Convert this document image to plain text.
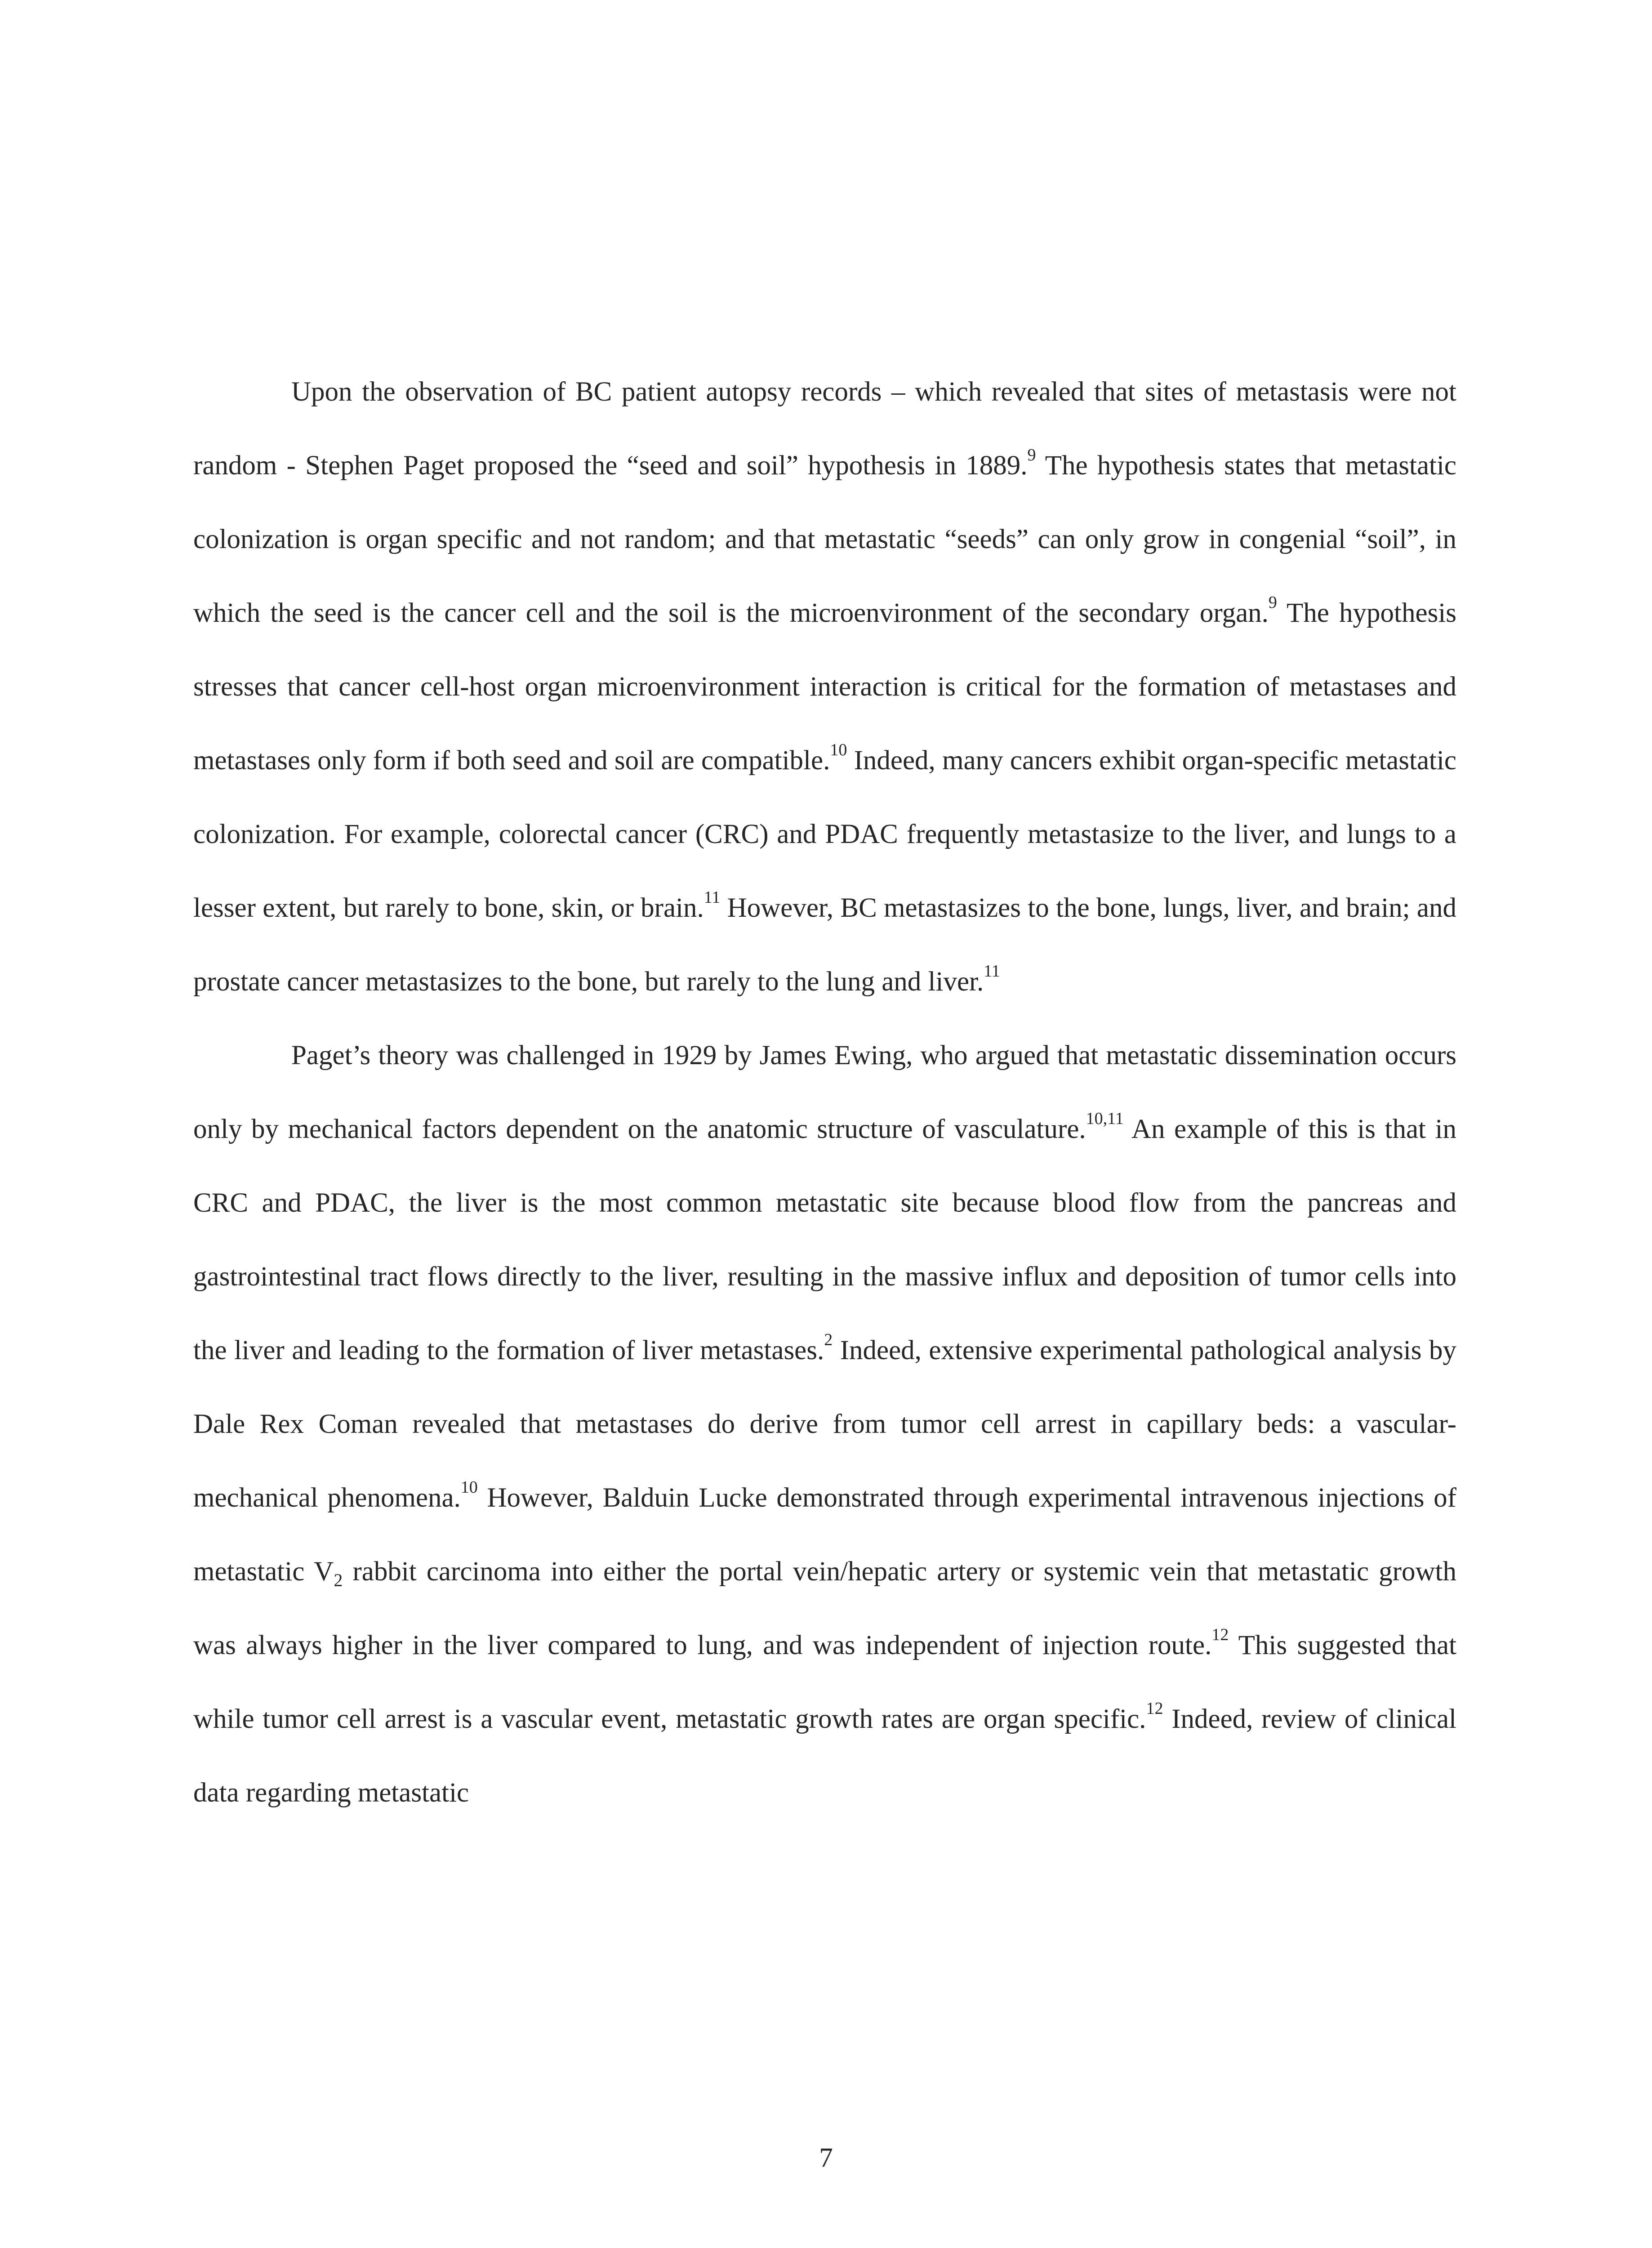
Upon the observation of BC patient autopsy records – which revealed that sites of metastasis were not random - Stephen Paget proposed the “seed and soil” hypothesis in 1889.$^9$ The hypothesis states that metastatic colonization is organ specific and not random; and that metastatic “seeds” can only grow in congenial “soil”, in which the seed is the cancer cell and the soil is the microenvironment of the secondary organ.$^9$ The hypothesis stresses that cancer cell-host organ microenvironment interaction is critical for the formation of metastases and metastases only form if both seed and soil are compatible.$^{10}$ Indeed, many cancers exhibit organ-specific metastatic colonization. For example, colorectal cancer (CRC) and PDAC frequently metastasize to the liver, and lungs to a lesser extent, but rarely to bone, skin, or brain.$^{11}$ However, BC metastasizes to the bone, lungs, liver, and brain; and prostate cancer metastasizes to the bone, but rarely to the lung and liver.$^{11}$

Paget’s theory was challenged in 1929 by James Ewing, who argued that metastatic dissemination occurs only by mechanical factors dependent on the anatomic structure of vasculature.$^{10,11}$ An example of this is that in CRC and PDAC, the liver is the most common metastatic site because blood flow from the pancreas and gastrointestinal tract flows directly to the liver, resulting in the massive influx and deposition of tumor cells into the liver and leading to the formation of liver metastases.$^2$ Indeed, extensive experimental pathological analysis by Dale Rex Coman revealed that metastases do derive from tumor cell arrest in capillary beds: a vascular-mechanical phenomena.$^{10}$ However, Balduin Lucke demonstrated through experimental intravenous injections of metastatic $V_2$ rabbit carcinoma into either the portal vein/hepatic artery or systemic vein that metastatic growth was always higher in the liver compared to lung, and was independent of injection route.$^{12}$ This suggested that while tumor cell arrest is a vascular event, metastatic growth rates are organ specific.$^{12}$ Indeed, review of clinical data regarding metastatic

7
